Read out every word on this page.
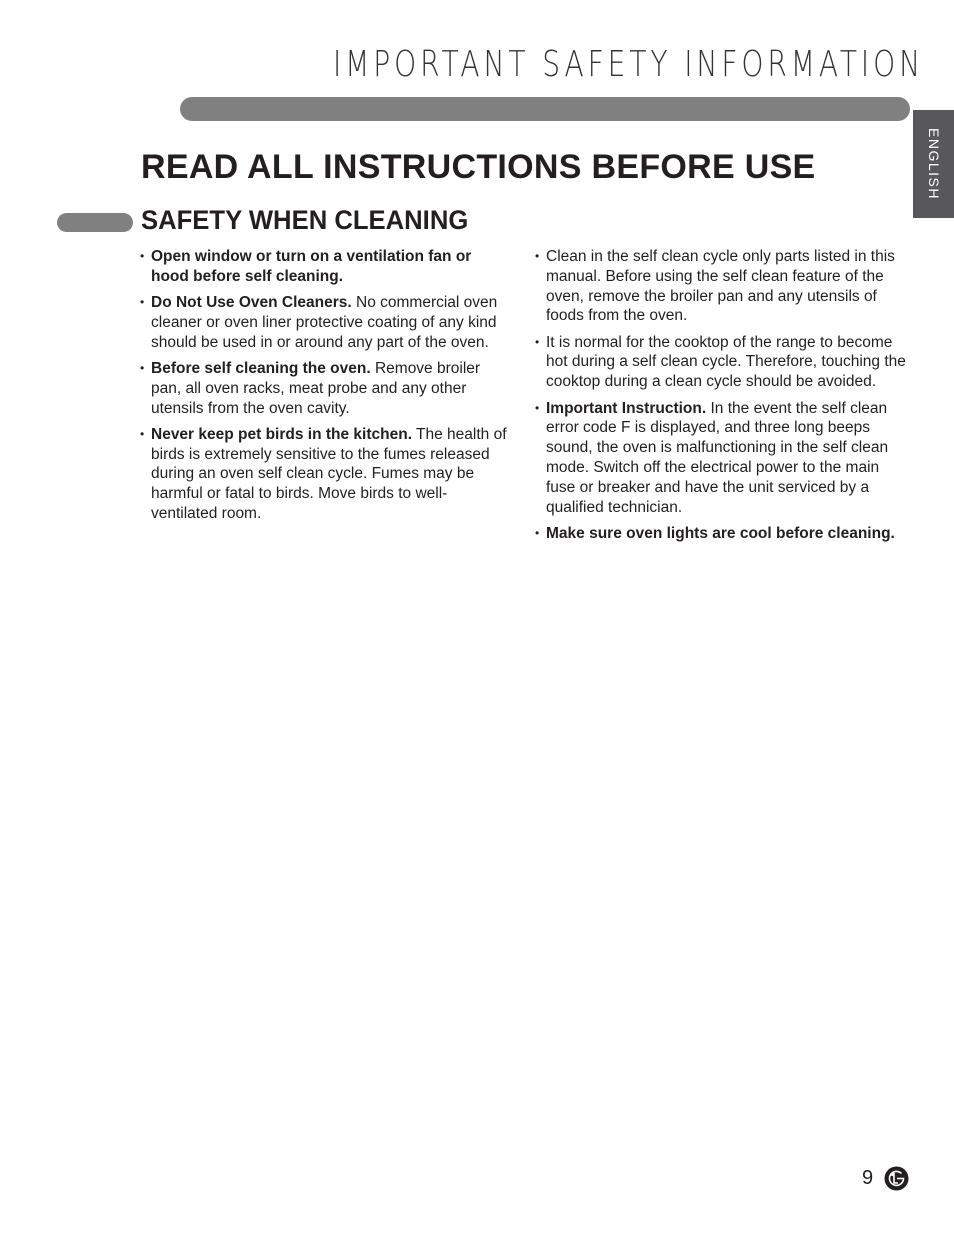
IMPORTANT SAFETY INFORMATION
ENGLISH
READ ALL INSTRUCTIONS BEFORE USE
SAFETY WHEN CLEANING
• Open window or turn on a ventilation fan or hood before self cleaning.
• Do Not Use Oven Cleaners. No commercial oven cleaner or oven liner protective coating of any kind should be used in or around any part of the oven.
• Before self cleaning the oven. Remove broiler pan, all oven racks, meat probe and any other utensils from the oven cavity.
• Never keep pet birds in the kitchen. The health of birds is extremely sensitive to the fumes released during an oven self clean cycle. Fumes may be harmful or fatal to birds. Move birds to well-ventilated room.
• Clean in the self clean cycle only parts listed in this manual. Before using the self clean feature of the oven, remove the broiler pan and any utensils of foods from the oven.
• It is normal for the cooktop of the range to become hot during a self clean cycle. Therefore, touching the cooktop during a clean cycle should be avoided.
• Important Instruction. In the event the self clean error code F is displayed, and three long beeps sound, the oven is malfunctioning in the self clean mode. Switch off the electrical power to the main fuse or breaker and have the unit serviced by a qualified technician.
• Make sure oven lights are cool before cleaning.
9
